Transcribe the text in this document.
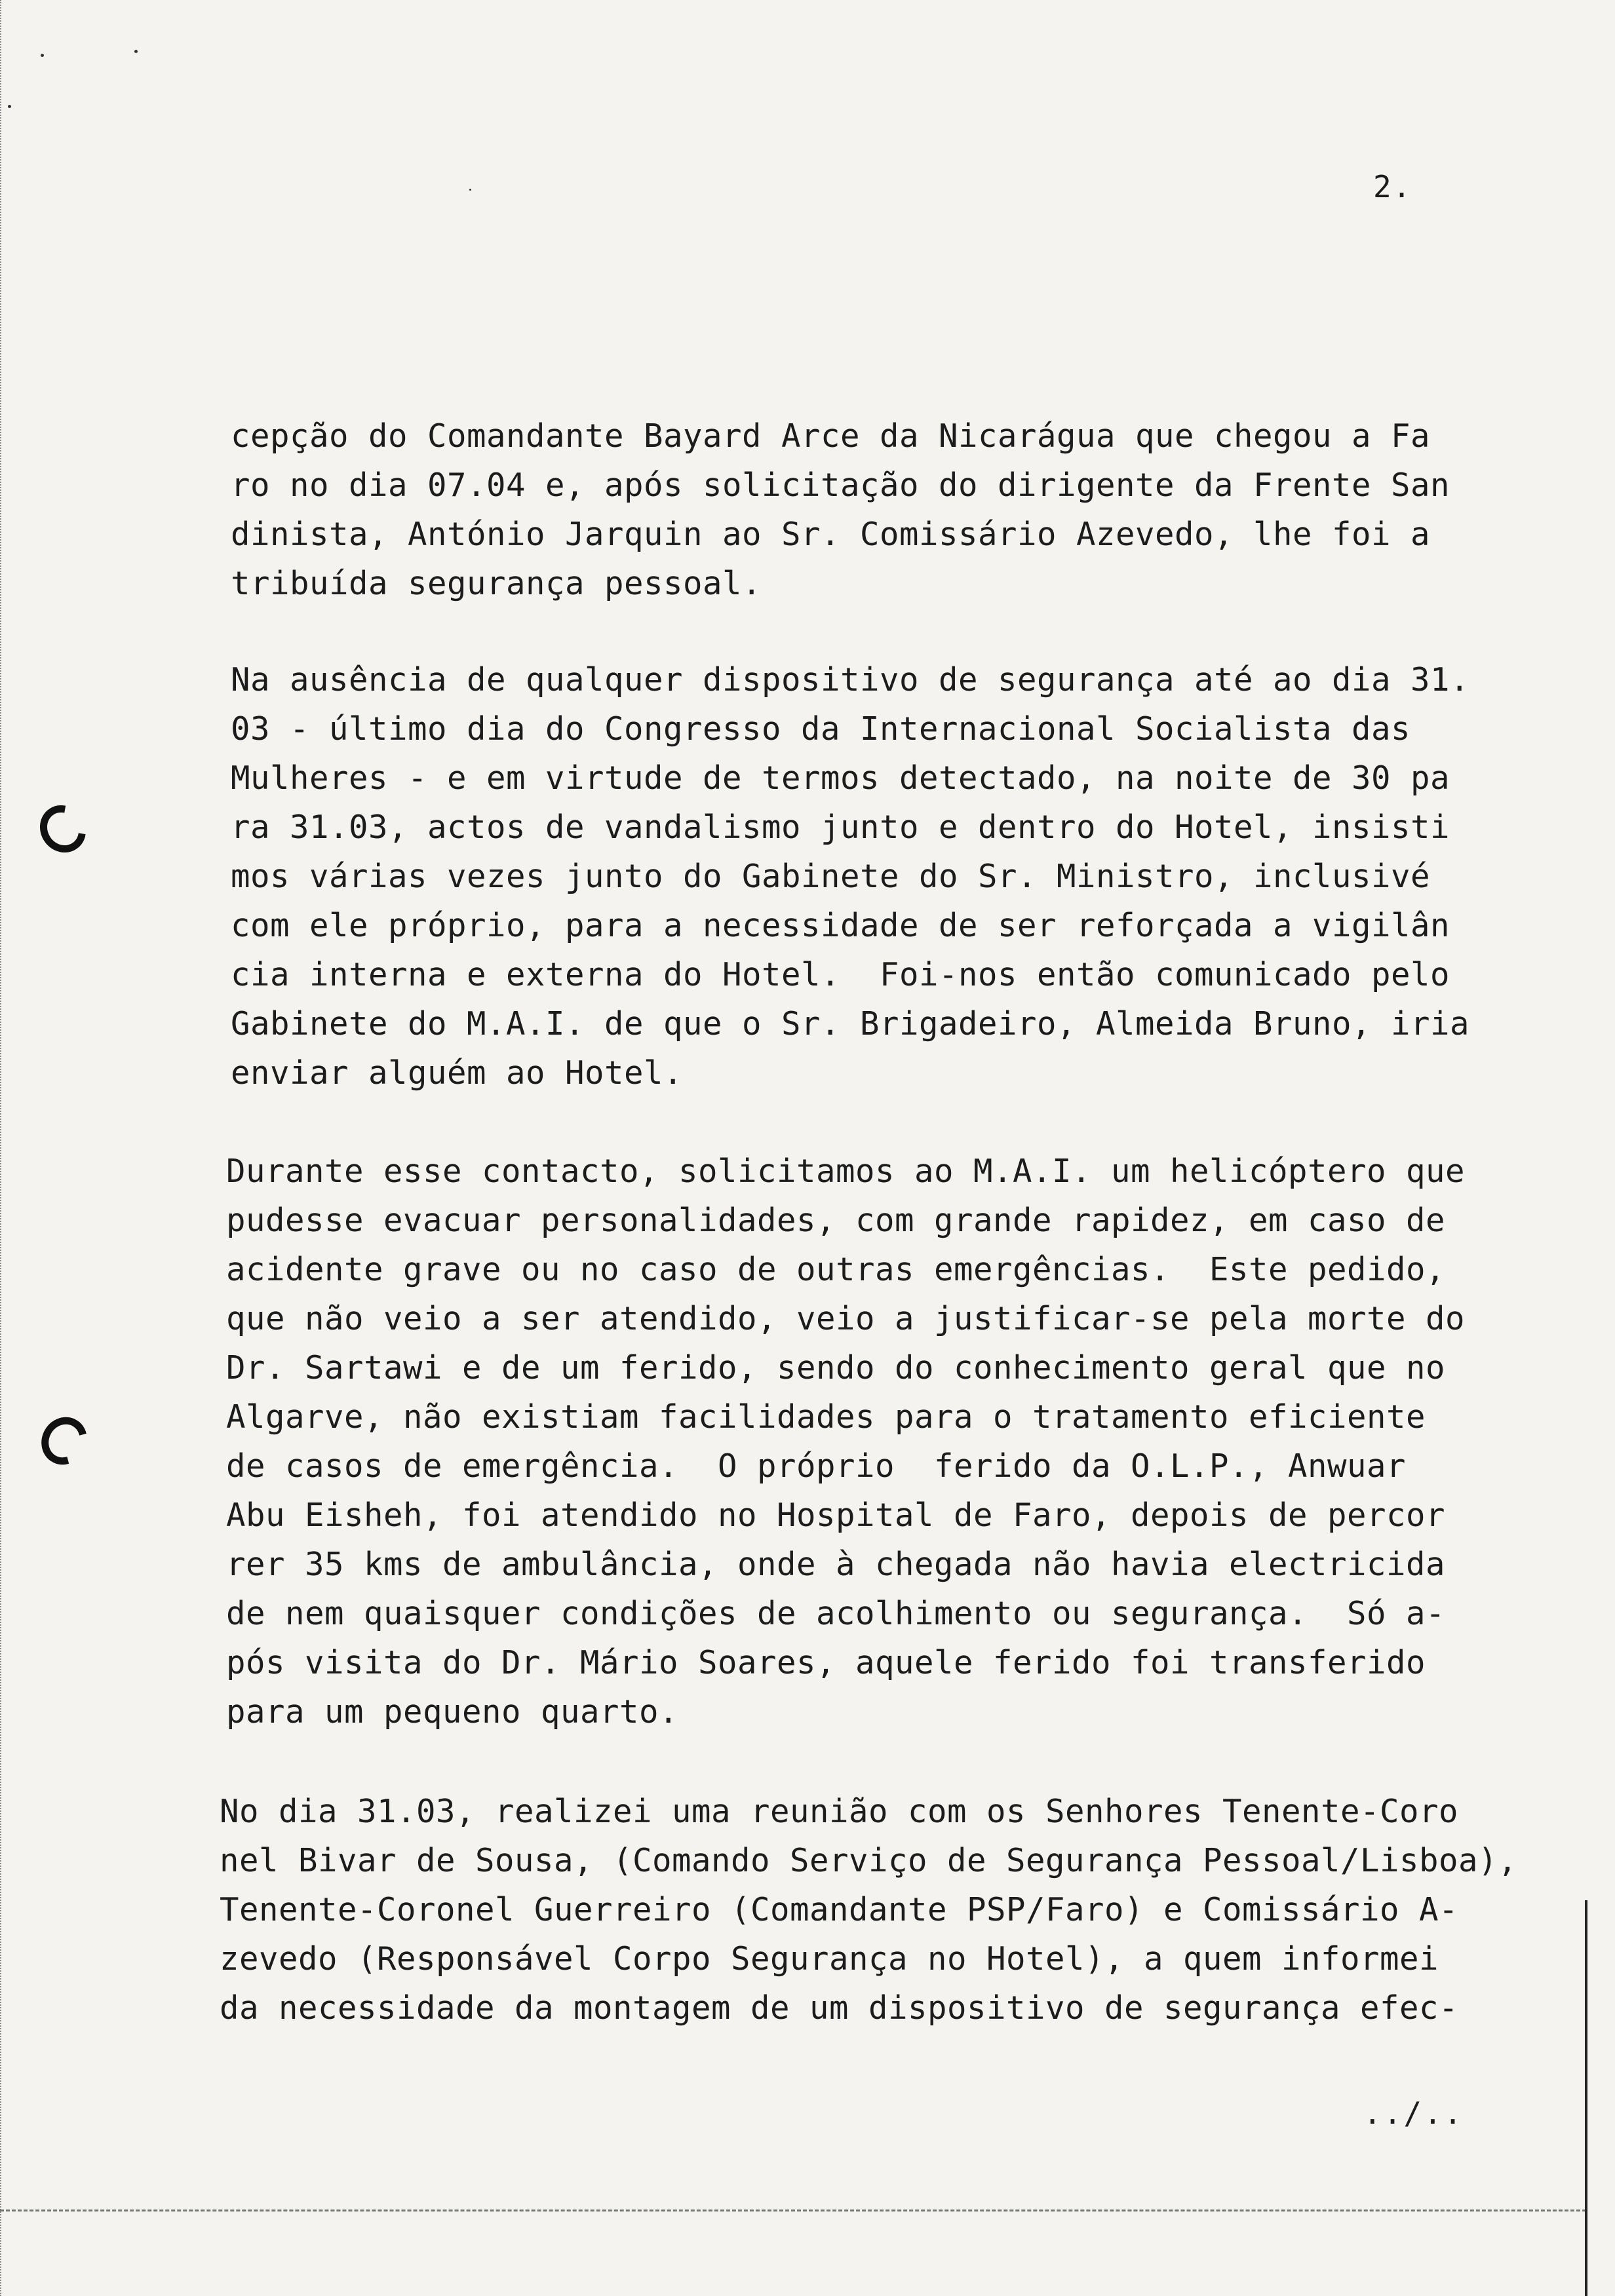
2.
cepção do Comandante Bayard Arce da Nicarágua que chegou a Fa
ro no dia 07.04 e, após solicitação do dirigente da Frente San
dinista, António Jarquin ao Sr. Comissário Azevedo, lhe foi a
tribuída segurança pessoal.
Na ausência de qualquer dispositivo de segurança até ao dia 31.
03 - último dia do Congresso da Internacional Socialista das
Mulheres - e em virtude de termos detectado, na noite de 30 pa
ra 31.03, actos de vandalismo junto e dentro do Hotel, insisti
mos várias vezes junto do Gabinete do Sr. Ministro, inclusivé
com ele próprio, para a necessidade de ser reforçada a vigilân
cia interna e externa do Hotel.  Foi-nos então comunicado pelo
Gabinete do M.A.I. de que o Sr. Brigadeiro, Almeida Bruno, iria
enviar alguém ao Hotel.
Durante esse contacto, solicitamos ao M.A.I. um helicóptero que
pudesse evacuar personalidades, com grande rapidez, em caso de
acidente grave ou no caso de outras emergências.  Este pedido,
que não veio a ser atendido, veio a justificar-se pela morte do
Dr. Sartawi e de um ferido, sendo do conhecimento geral que no
Algarve, não existiam facilidades para o tratamento eficiente
de casos de emergência.  O próprio  ferido da O.L.P., Anwuar
Abu Eisheh, foi atendido no Hospital de Faro, depois de percor
rer 35 kms de ambulância, onde à chegada não havia electricida
de nem quaisquer condições de acolhimento ou segurança.  Só a-
pós visita do Dr. Mário Soares, aquele ferido foi transferido
para um pequeno quarto.
No dia 31.03, realizei uma reunião com os Senhores Tenente-Coro
nel Bivar de Sousa, (Comando Serviço de Segurança Pessoal/Lisboa),
Tenente-Coronel Guerreiro (Comandante PSP/Faro) e Comissário A-
zevedo (Responsável Corpo Segurança no Hotel), a quem informei
da necessidade da montagem de um dispositivo de segurança efec-
../..
